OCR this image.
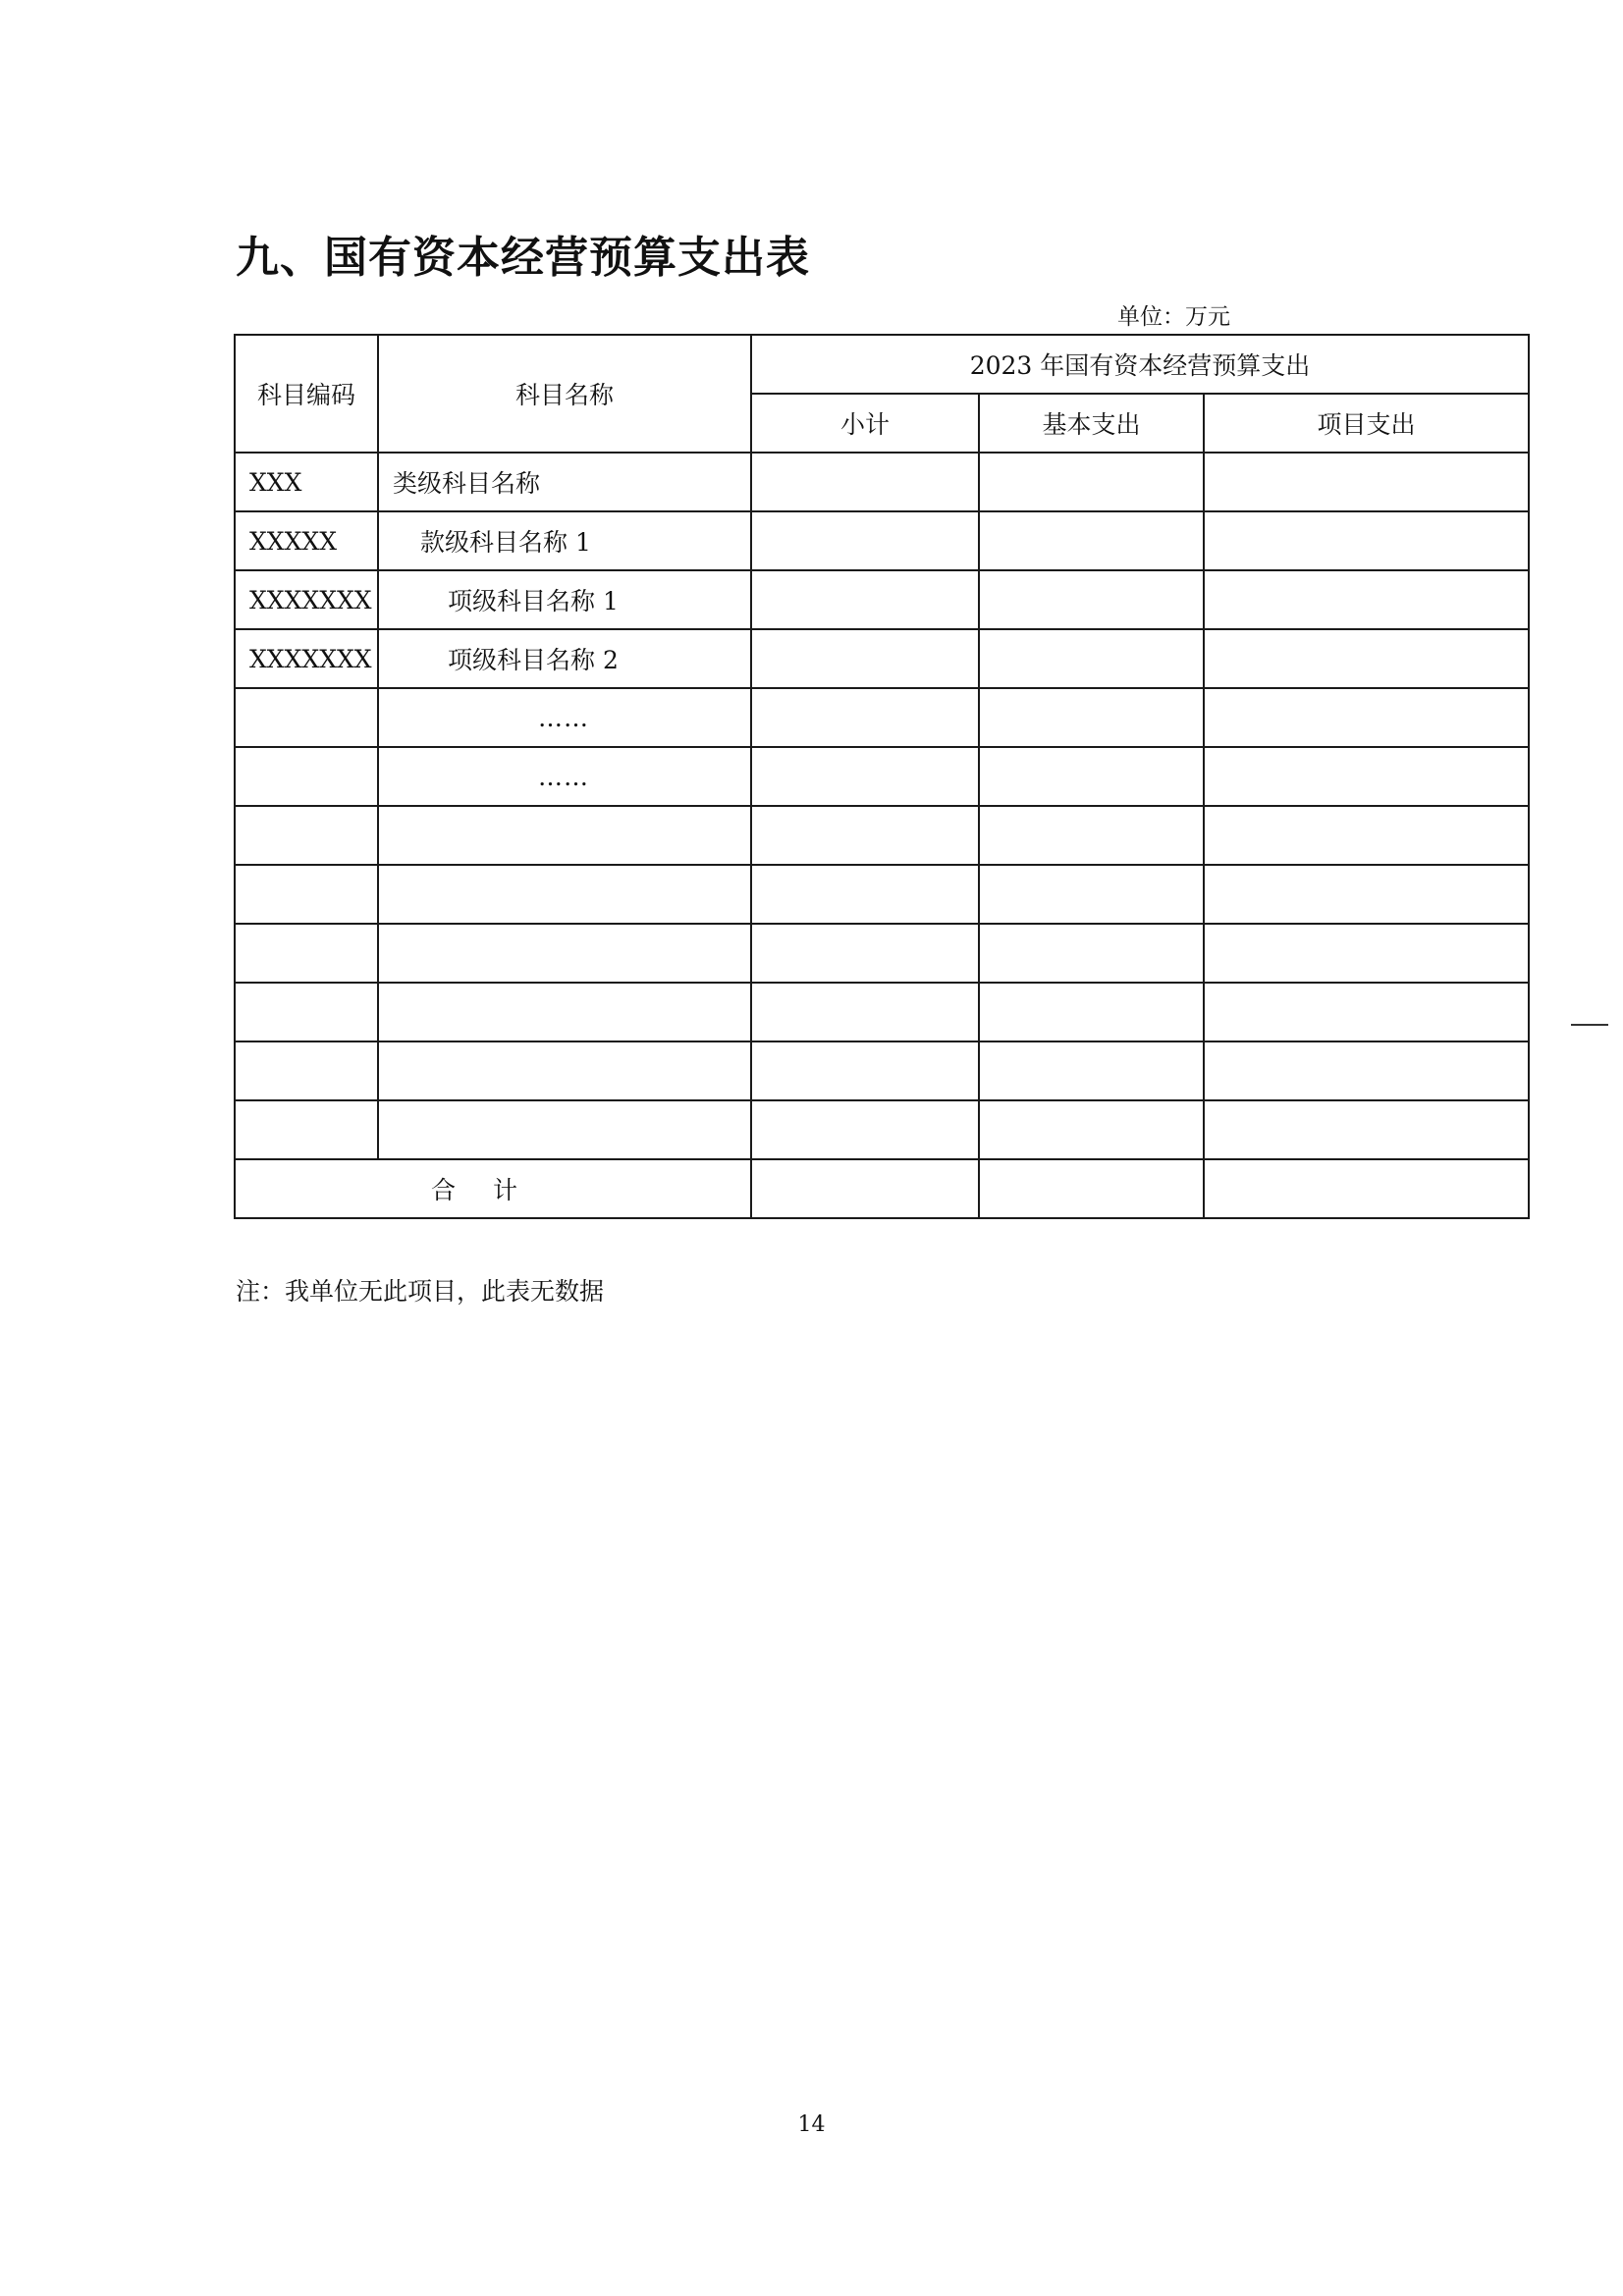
九、国有资本经营预算支出表
单位：万元
科目编码	科目名称	2023 年国有资本经营预算支出		
		小计	基本支出	项目支出
XXX	类级科目名称			
XXXXX	款级科目名称 1			
XXXXXXX	项级科目名称 1			
XXXXXXX	项级科目名称 2			
	……			
	……			

合计				
注：我单位无此项目，此表无数据
14
